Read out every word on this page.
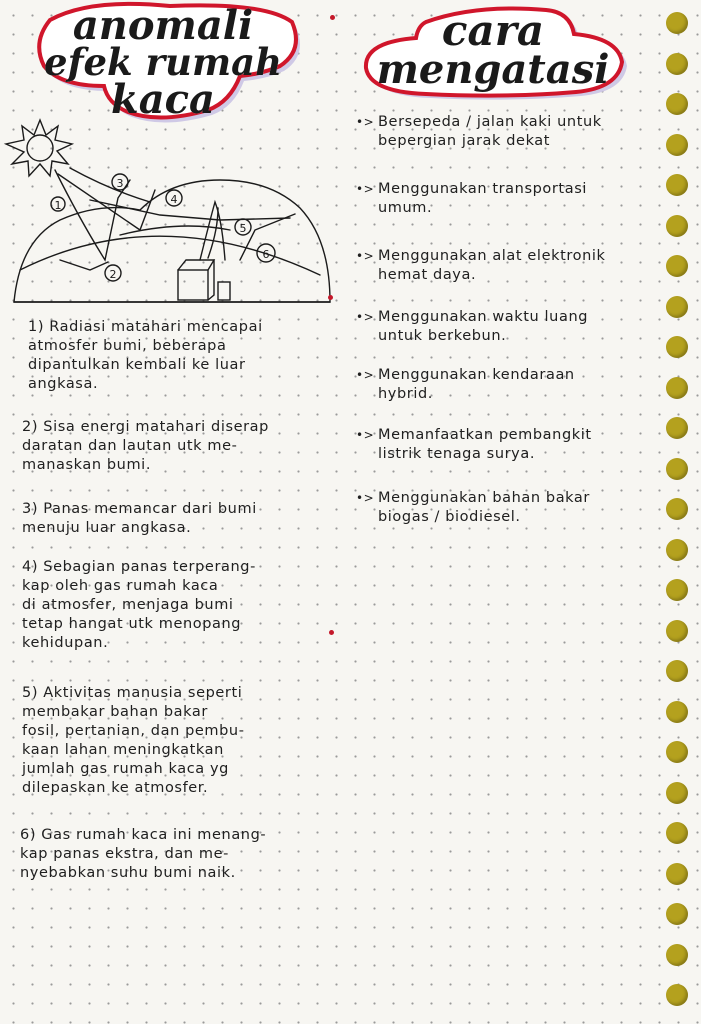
anomali
efek rumah
kaca
cara
mengatasi
1
2
3
4
5
6

1) Radiasi matahari mencapai
atmosfer bumi, beberapa
dipantulkan kembali ke luar
angkasa.

2) Sisa energi matahari diserap
daratan dan lautan utk me-
manaskan bumi.

3) Panas memancar dari bumi
menuju luar angkasa.

4) Sebagian panas terperang-
kap oleh gas rumah kaca
di atmosfer, menjaga bumi
tetap hangat utk menopang
kehidupan.

5) Aktivitas manusia seperti
membakar bahan bakar
fosil, pertanian, dan pembu-
kaan lahan meningkatkan
jumlah gas rumah kaca yg
dilepaskan ke atmosfer.

6) Gas rumah kaca ini menang-
kap panas ekstra, dan me-
nyebabkan suhu bumi naik.

•> Bersepeda / jalan kaki untuk
bepergian jarak dekat
•> Menggunakan transportasi
umum.
•> Menggunakan alat elektronik
hemat daya.
•> Menggunakan waktu luang
untuk berkebun.
•> Menggunakan kendaraan
hybrid.
•> Memanfaatkan pembangkit
listrik tenaga surya.
•> Menggunakan bahan bakar
biogas / biodiesel.
